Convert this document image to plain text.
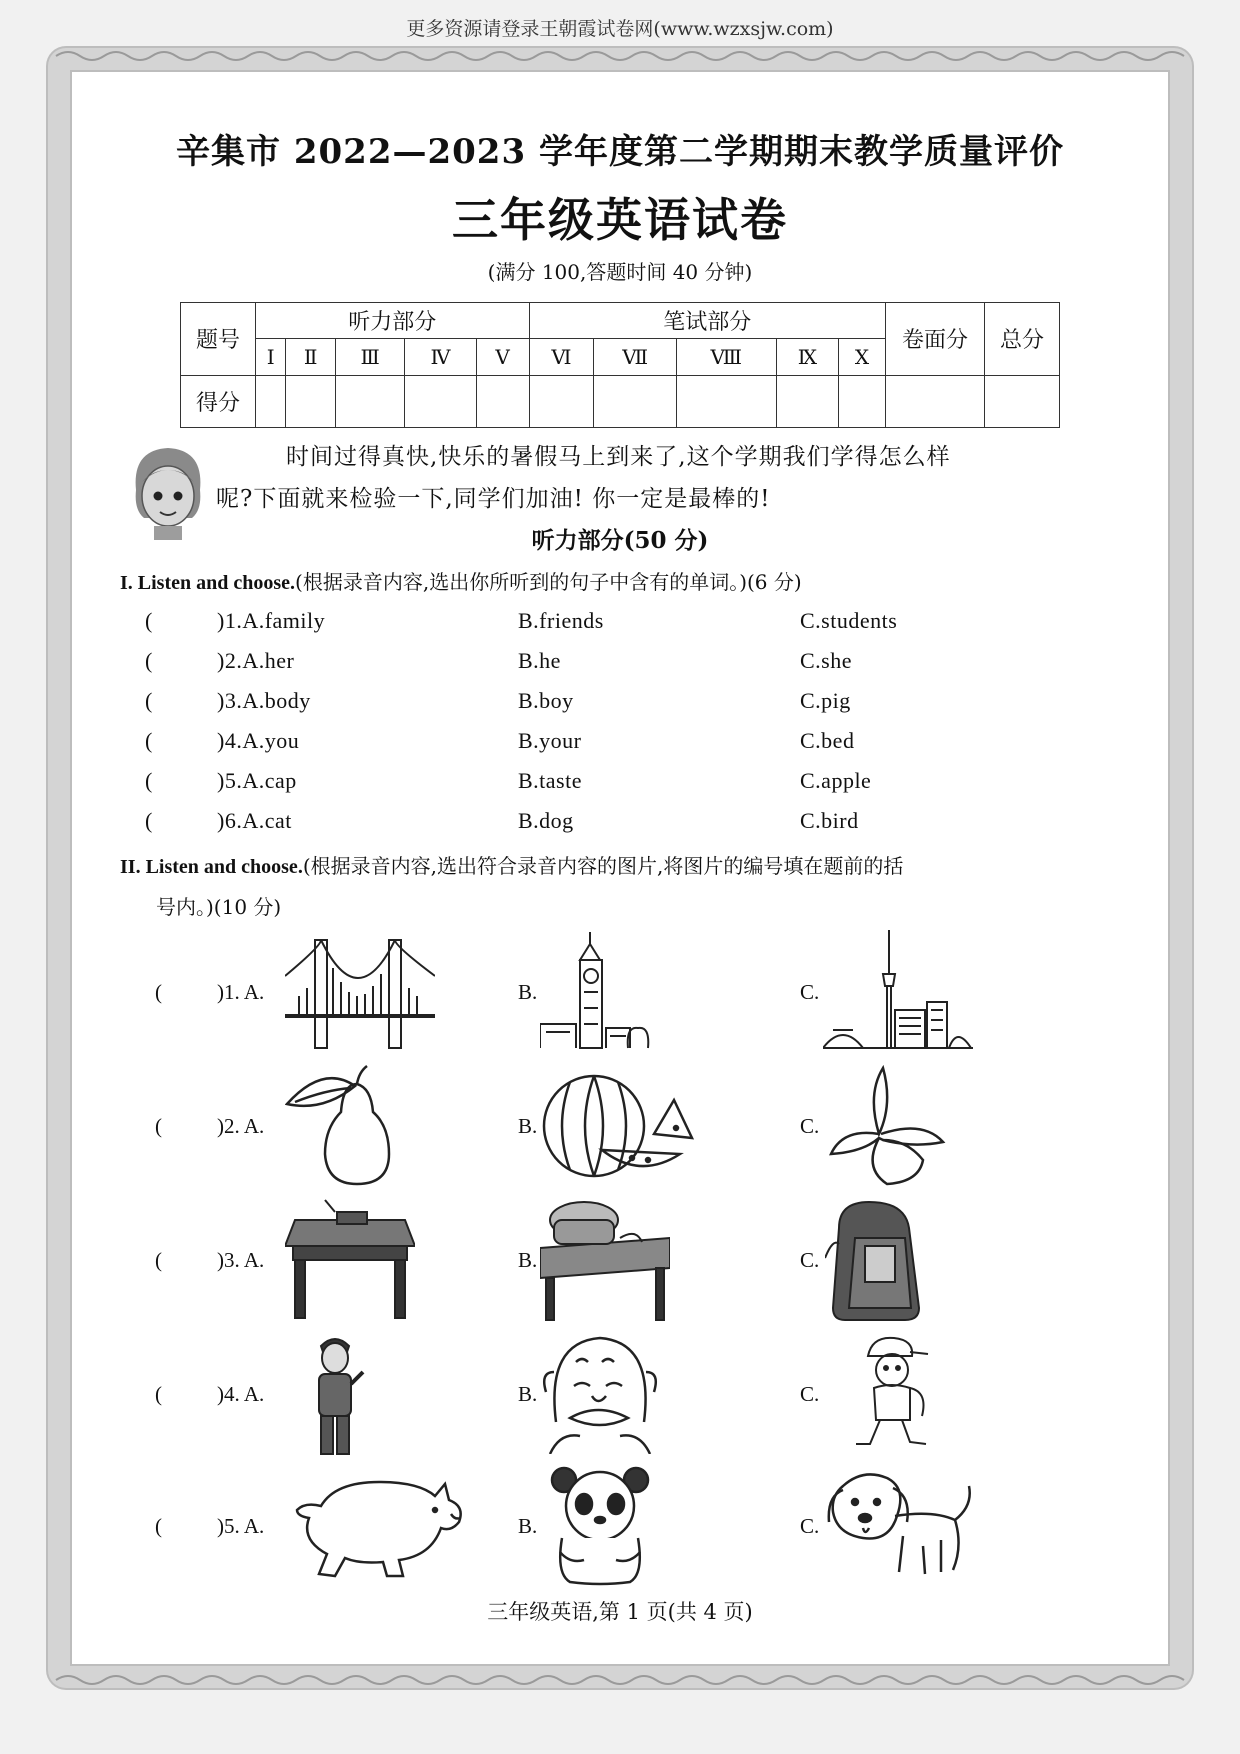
更多资源请登录王朝霞试卷网(www.wzxsjw.com)
辛集市 2022—2023 学年度第二学期期末教学质量评价
三年级英语试卷
(满分 100,答题时间 40 分钟)
题号	听力部分					笔试部分					卷面分	总分
	Ⅰ	Ⅱ	Ⅲ	Ⅳ	Ⅴ	Ⅵ	Ⅶ	Ⅷ	Ⅸ	Ⅹ		
得分												
时间过得真快,快乐的暑假马上到来了,这个学期我们学得怎么样
呢?下面就来检验一下,同学们加油! 你一定是最棒的!
听力部分(50 分)
I. Listen and choose.(根据录音内容,选出你所听到的句子中含有的单词。)(6 分)
(	)1.A.family	B.friends	C.students
(	)2.A.her	B.he	C.she
(	)3.A.body	B.boy	C.pig
(	)4.A.you	B.your	C.bed
(	)5.A.cap	B.taste	C.apple
(	)6.A.cat	B.dog	C.bird
II. Listen and choose.(根据录音内容,选出符合录音内容的图片,将图片的编号填在题前的括
号内。)(10 分)
(	)1. A.	B.	C.
(	)2. A.	B.	C.
(	)3. A.	B.	C.
(	)4. A.	B.	C.
(	)5. A.	B.	C.
三年级英语,第 1 页(共 4 页)
